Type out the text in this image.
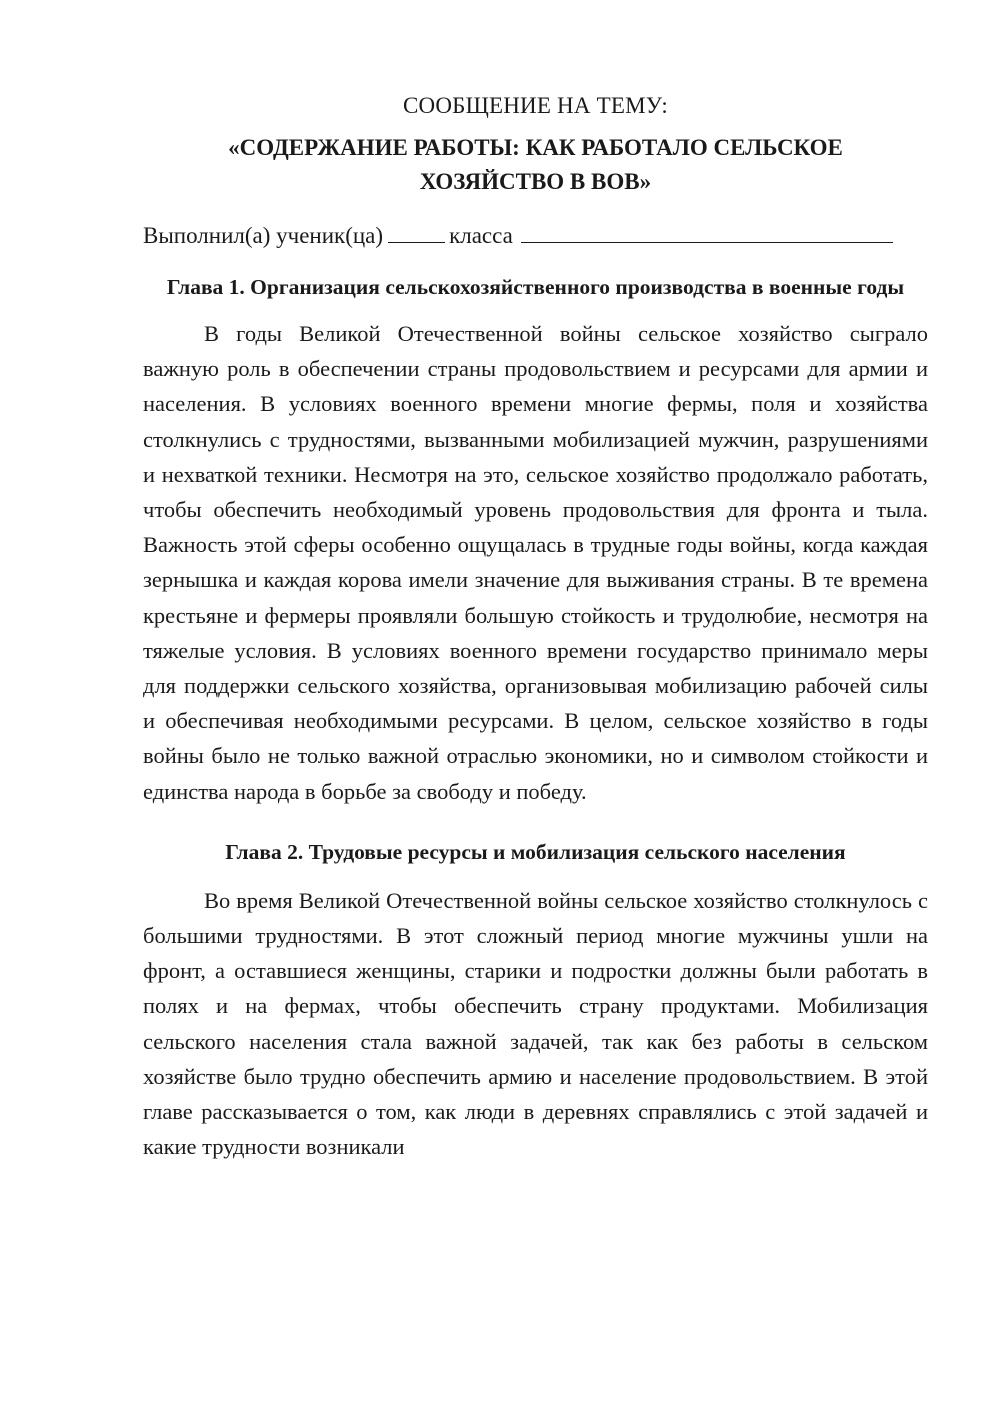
СООБЩЕНИЕ НА ТЕМУ:

«СОДЕРЖАНИЕ РАБОТЫ: КАК РАБОТАЛО СЕЛЬСКОЕ ХОЗЯЙСТВО В ВОВ»

Выполнил(а) ученик(ца)	класса

Глава 1. Организация сельскохозяйственного производства в военные годы

В годы Великой Отечественной войны сельское хозяйство сыграло важную роль в обеспечении страны продовольствием и ресурсами для армии и населения. В условиях военного времени многие фермы, поля и хозяйства столкнулись с трудностями, вызванными мобилизацией мужчин, разрушениями и нехваткой техники. Несмотря на это, сельское хозяйство продолжало работать, чтобы обеспечить необходимый уровень продовольствия для фронта и тыла. Важность этой сферы особенно ощущалась в трудные годы войны, когда каждая зернышка и каждая корова имели значение для выживания страны. В те времена крестьяне и фермеры проявляли большую стойкость и трудолюбие, несмотря на тяжелые условия. В условиях военного времени государство принимало меры для поддержки сельского хозяйства, организовывая мобилизацию рабочей силы и обеспечивая необходимыми ресурсами. В целом, сельское хозяйство в годы войны было не только важной отраслью экономики, но и символом стойкости и единства народа в борьбе за свободу и победу.

Глава 2. Трудовые ресурсы и мобилизация сельского населения

Во время Великой Отечественной войны сельское хозяйство столкнулось с большими трудностями. В этот сложный период многие мужчины ушли на фронт, а оставшиеся женщины, старики и подростки должны были работать в полях и на фермах, чтобы обеспечить страну продуктами. Мобилизация сельского населения стала важной задачей, так как без работы в сельском хозяйстве было трудно обеспечить армию и население продовольствием. В этой главе рассказывается о том, как люди в деревнях справлялись с этой задачей и какие трудности возникали
